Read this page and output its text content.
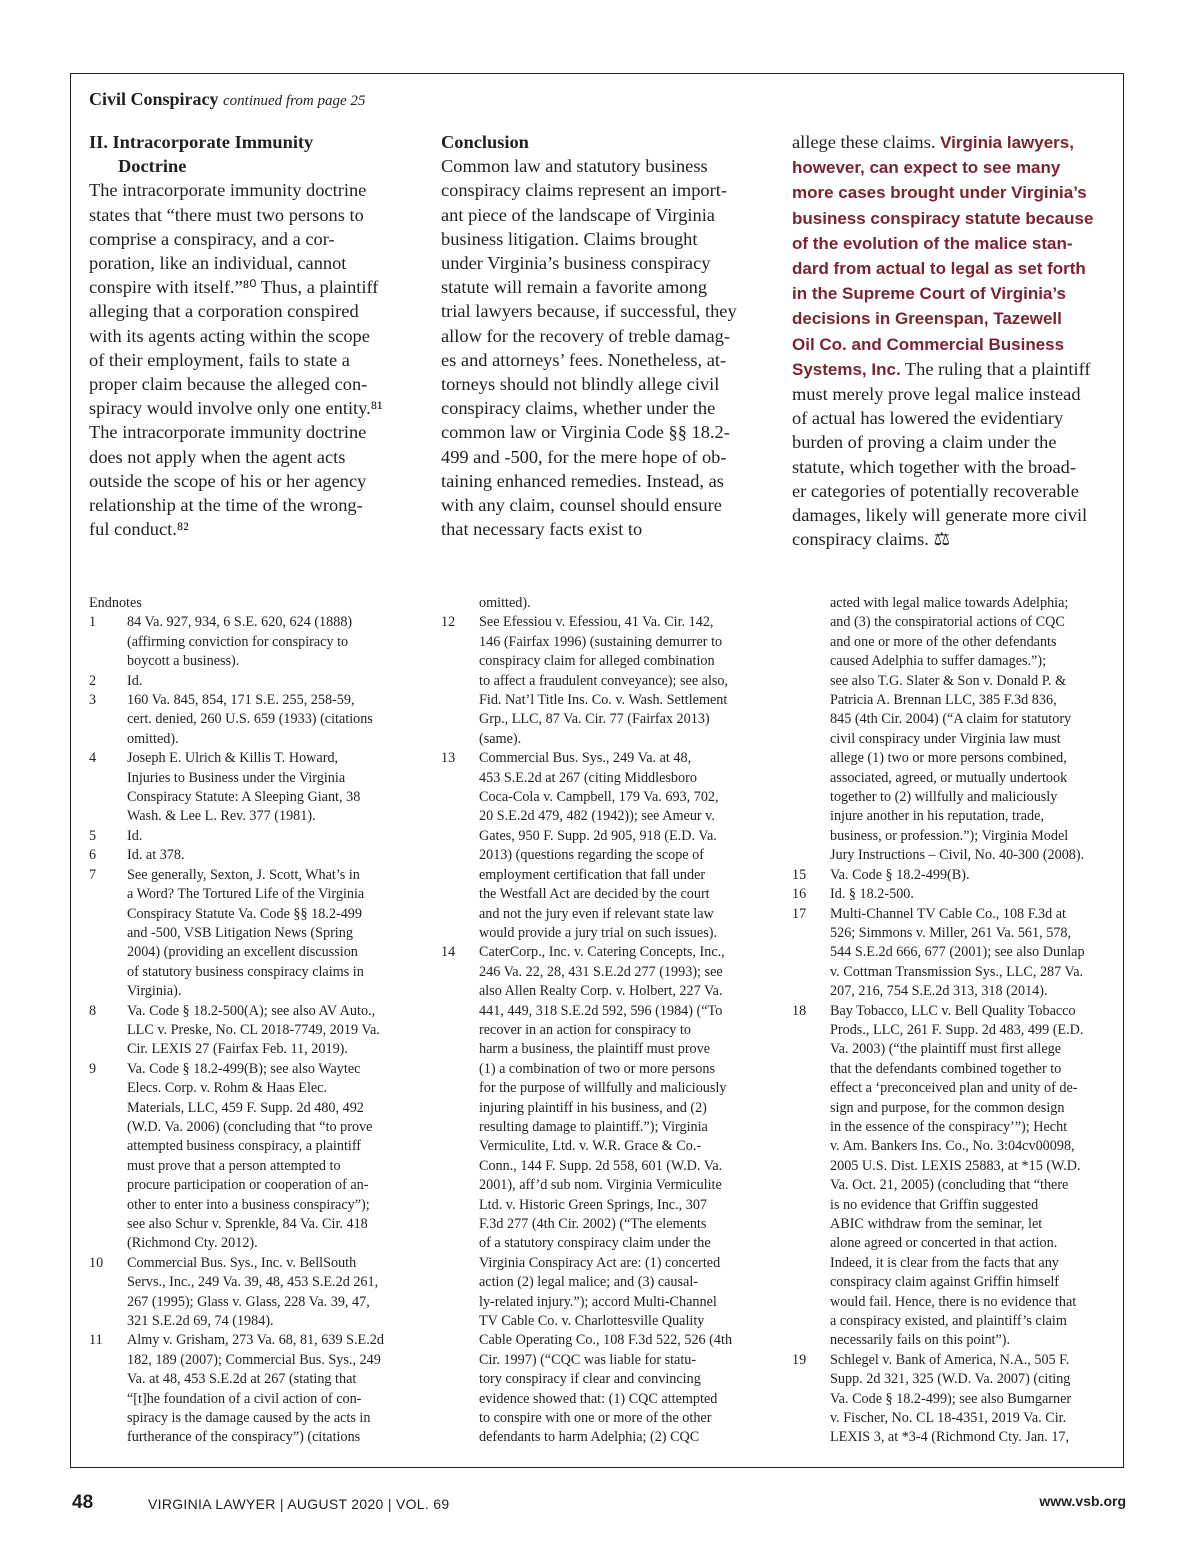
Civil Conspiracy continued from page 25
II. Intracorporate Immunity
Doctrine
The intracorporate immunity doctrine
states that “there must two persons to
comprise a conspiracy, and a cor-
poration, like an individual, cannot
conspire with itself.”⁸⁰ Thus, a plaintiff
alleging that a corporation conspired
with its agents acting within the scope
of their employment, fails to state a
proper claim because the alleged con-
spiracy would involve only one entity.⁸¹
The intracorporate immunity doctrine
does not apply when the agent acts
outside the scope of his or her agency
relationship at the time of the wrong-
ful conduct.⁸²
Conclusion
Common law and statutory business
conspiracy claims represent an import-
ant piece of the landscape of Virginia
business litigation. Claims brought
under Virginia’s business conspiracy
statute will remain a favorite among
trial lawyers because, if successful, they
allow for the recovery of treble damag-
es and attorneys’ fees. Nonetheless, at-
torneys should not blindly allege civil
conspiracy claims, whether under the
common law or Virginia Code §§ 18.2-
499 and -500, for the mere hope of ob-
taining enhanced remedies. Instead, as
with any claim, counsel should ensure
that necessary facts exist to
allege these claims. Virginia lawyers,
however, can expect to see many
more cases brought under Virginia’s
business conspiracy statute because
of the evolution of the malice stan-
dard from actual to legal as set forth
in the Supreme Court of Virginia’s
decisions in Greenspan, Tazewell
Oil Co. and Commercial Business
Systems, Inc. The ruling that a plaintiff
must merely prove legal malice instead
of actual has lowered the evidentiary
burden of proving a claim under the
statute, which together with the broad-
er categories of potentially recoverable
damages, likely will generate more civil
conspiracy claims. ⚖
Endnotes
1	84 Va. 927, 934, 6 S.E. 620, 624 (1888)
(affirming conviction for conspiracy to
boycott a business).
2	Id.
3	160 Va. 845, 854, 171 S.E. 255, 258-59,
cert. denied, 260 U.S. 659 (1933) (citations
omitted).
4	Joseph E. Ulrich & Killis T. Howard,
Injuries to Business under the Virginia
Conspiracy Statute: A Sleeping Giant, 38
Wash. & Lee L. Rev. 377 (1981).
5	Id.
6	Id. at 378.
7	See generally, Sexton, J. Scott, What’s in
a Word? The Tortured Life of the Virginia
Conspiracy Statute Va. Code §§ 18.2-499
and -500, VSB Litigation News (Spring
2004) (providing an excellent discussion
of statutory business conspiracy claims in
Virginia).
8	Va. Code § 18.2-500(A); see also AV Auto.,
LLC v. Preske, No. CL 2018-7749, 2019 Va.
Cir. LEXIS 27 (Fairfax Feb. 11, 2019).
9	Va. Code § 18.2-499(B); see also Waytec
Elecs. Corp. v. Rohm & Haas Elec.
Materials, LLC, 459 F. Supp. 2d 480, 492
(W.D. Va. 2006) (concluding that “to prove
attempted business conspiracy, a plaintiff
must prove that a person attempted to
procure participation or cooperation of an-
other to enter into a business conspiracy”);
see also Schur v. Sprenkle, 84 Va. Cir. 418
(Richmond Cty. 2012).
10	Commercial Bus. Sys., Inc. v. BellSouth
Servs., Inc., 249 Va. 39, 48, 453 S.E.2d 261,
267 (1995); Glass v. Glass, 228 Va. 39, 47,
321 S.E.2d 69, 74 (1984).
11	Almy v. Grisham, 273 Va. 68, 81, 639 S.E.2d
182, 189 (2007); Commercial Bus. Sys., 249
Va. at 48, 453 S.E.2d at 267 (stating that
“[t]he foundation of a civil action of con-
spiracy is the damage caused by the acts in
furtherance of the conspiracy”) (citations
omitted).
12	See Efessiou v. Efessiou, 41 Va. Cir. 142,
146 (Fairfax 1996) (sustaining demurrer to
conspiracy claim for alleged combination
to affect a fraudulent conveyance); see also,
Fid. Nat’l Title Ins. Co. v. Wash. Settlement
Grp., LLC, 87 Va. Cir. 77 (Fairfax 2013)
(same).
13	Commercial Bus. Sys., 249 Va. at 48,
453 S.E.2d at 267 (citing Middlesboro
Coca-Cola v. Campbell, 179 Va. 693, 702,
20 S.E.2d 479, 482 (1942)); see Ameur v.
Gates, 950 F. Supp. 2d 905, 918 (E.D. Va.
2013) (questions regarding the scope of
employment certification that fall under
the Westfall Act are decided by the court
and not the jury even if relevant state law
would provide a jury trial on such issues).
14	CaterCorp., Inc. v. Catering Concepts, Inc.,
246 Va. 22, 28, 431 S.E.2d 277 (1993); see
also Allen Realty Corp. v. Holbert, 227 Va.
441, 449, 318 S.E.2d 592, 596 (1984) (“To
recover in an action for conspiracy to
harm a business, the plaintiff must prove
(1) a combination of two or more persons
for the purpose of willfully and maliciously
injuring plaintiff in his business, and (2)
resulting damage to plaintiff.”); Virginia
Vermiculite, Ltd. v. W.R. Grace & Co.-
Conn., 144 F. Supp. 2d 558, 601 (W.D. Va.
2001), aff’d sub nom. Virginia Vermiculite
Ltd. v. Historic Green Springs, Inc., 307
F.3d 277 (4th Cir. 2002) (“The elements
of a statutory conspiracy claim under the
Virginia Conspiracy Act are: (1) concerted
action (2) legal malice; and (3) causal-
ly-related injury.”); accord Multi-Channel
TV Cable Co. v. Charlottesville Quality
Cable Operating Co., 108 F.3d 522, 526 (4th
Cir. 1997) (“CQC was liable for statu-
tory conspiracy if clear and convincing
evidence showed that: (1) CQC attempted
to conspire with one or more of the other
defendants to harm Adelphia; (2) CQC
acted with legal malice towards Adelphia;
and (3) the conspiratorial actions of CQC
and one or more of the other defendants
caused Adelphia to suffer damages.”);
see also T.G. Slater & Son v. Donald P. &
Patricia A. Brennan LLC, 385 F.3d 836,
845 (4th Cir. 2004) (“A claim for statutory
civil conspiracy under Virginia law must
allege (1) two or more persons combined,
associated, agreed, or mutually undertook
together to (2) willfully and maliciously
injure another in his reputation, trade,
business, or profession.”); Virginia Model
Jury Instructions – Civil, No. 40-300 (2008).
15	Va. Code § 18.2-499(B).
16	Id. § 18.2-500.
17	Multi-Channel TV Cable Co., 108 F.3d at
526; Simmons v. Miller, 261 Va. 561, 578,
544 S.E.2d 666, 677 (2001); see also Dunlap
v. Cottman Transmission Sys., LLC, 287 Va.
207, 216, 754 S.E.2d 313, 318 (2014).
18	Bay Tobacco, LLC v. Bell Quality Tobacco
Prods., LLC, 261 F. Supp. 2d 483, 499 (E.D.
Va. 2003) (“the plaintiff must first allege
that the defendants combined together to
effect a ‘preconceived plan and unity of de-
sign and purpose, for the common design
in the essence of the conspiracy’”); Hecht
v. Am. Bankers Ins. Co., No. 3:04cv00098,
2005 U.S. Dist. LEXIS 25883, at *15 (W.D.
Va. Oct. 21, 2005) (concluding that “there
is no evidence that Griffin suggested
ABIC withdraw from the seminar, let
alone agreed or concerted in that action.
Indeed, it is clear from the facts that any
conspiracy claim against Griffin himself
would fail. Hence, there is no evidence that
a conspiracy existed, and plaintiff’s claim
necessarily fails on this point”).
19	Schlegel v. Bank of America, N.A., 505 F.
Supp. 2d 321, 325 (W.D. Va. 2007) (citing
Va. Code § 18.2-499); see also Bumgarner
v. Fischer, No. CL 18-4351, 2019 Va. Cir.
LEXIS 3, at *3-4 (Richmond Cty. Jan. 17,
48	VIRGINIA LAWYER | AUGUST 2020 | VOL. 69	www.vsb.org
